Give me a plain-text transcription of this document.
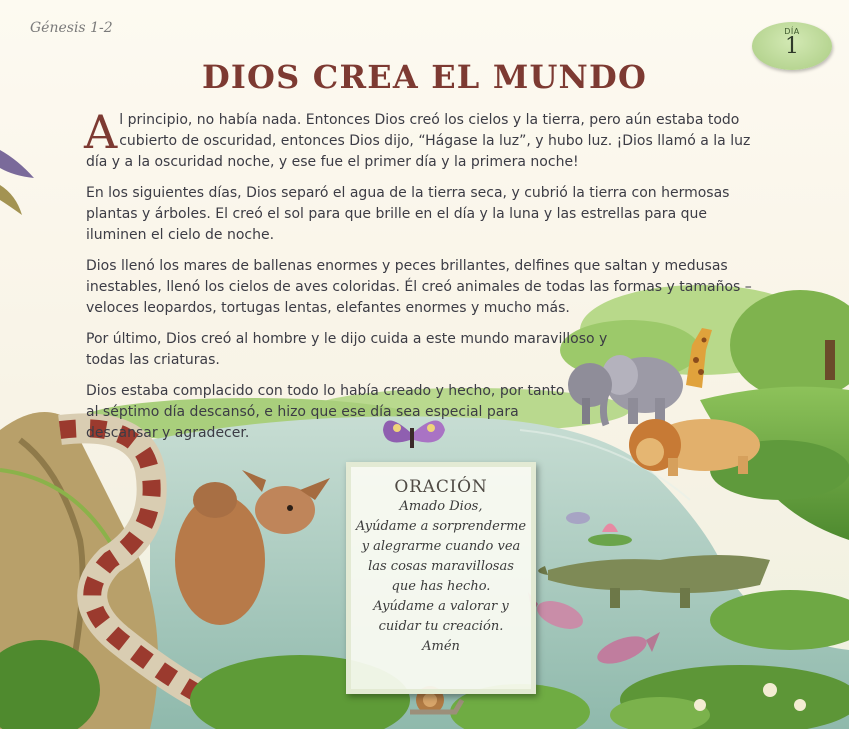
Génesis 1-2	DÍA
1
DIOS CREA EL MUNDO

Al principio, no había nada. Entonces Dios creó los cielos y la tierra, pero aún estaba todo cubierto de oscuridad, entonces Dios dijo, “Hágase la luz”, y hubo luz. ¡Dios llamó a la luz día y a la oscuridad noche, y ese fue el primer día y la primera noche!

En los siguientes días, Dios separó el agua de la tierra seca, y cubrió la tierra con hermosas plantas y árboles. El creó el sol para que brille en el día y la luna y las estrellas para que iluminen el cielo de noche.

Dios llenó los mares de ballenas enormes y peces brillantes, delfines que saltan y medusas inestables, llenó los cielos de aves coloridas. Él creó animales de todas las formas y tamaños – veloces leopardos, tortugas lentas, elefantes enormes y mucho más.

Por último, Dios creó al hombre y le dijo cuida a este mundo maravilloso y todas las criaturas.

Dios estaba complacido con todo lo había creado y hecho, por tanto al séptimo día descansó, e hizo que ese día sea especial para descansar y agradecer.

ORACIÓN
Amado Dios,
Ayúdame a sorprenderme
y alegrarme cuando vea
las cosas maravillosas
que has hecho.
Ayúdame a valorar y
cuidar tu creación.
Amén
